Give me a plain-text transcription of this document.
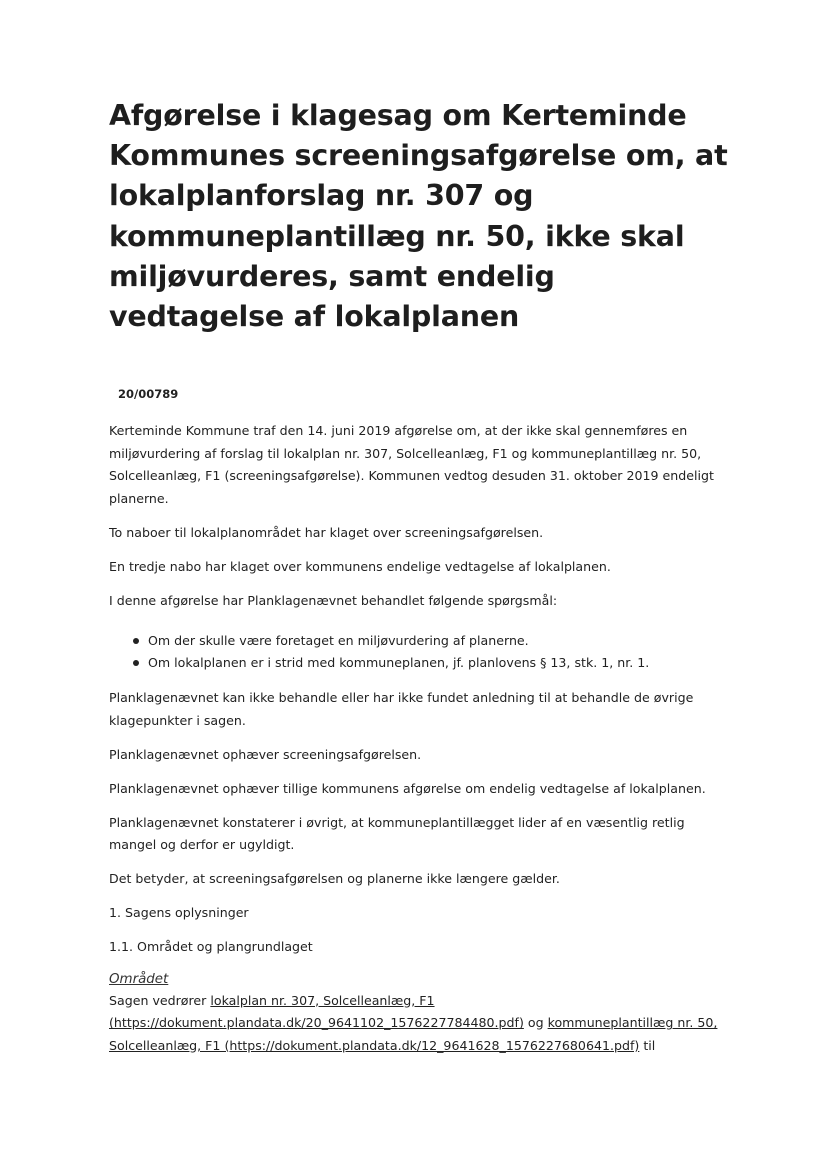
Afgørelse i klagesag om Kerteminde Kommunes screeningsafgørelse om, at lokalplanforslag nr. 307 og kommuneplantillæg nr. 50, ikke skal miljøvurderes, samt endelig vedtagelse af lokalplanen
20/00789

Kerteminde Kommune traf den 14. juni 2019 afgørelse om, at der ikke skal gennemføres en miljøvurdering af forslag til lokalplan nr. 307, Solcelleanlæg, F1 og kommuneplantillæg nr. 50, Solcelleanlæg, F1 (screeningsafgørelse). Kommunen vedtog desuden 31. oktober 2019 endeligt planerne.

To naboer til lokalplanområdet har klaget over screeningsafgørelsen.

En tredje nabo har klaget over kommunens endelige vedtagelse af lokalplanen.

I denne afgørelse har Planklagenævnet behandlet følgende spørgsmål:

Om der skulle være foretaget en miljøvurdering af planerne.
Om lokalplanen er i strid med kommuneplanen, jf. planlovens § 13, stk. 1, nr. 1.

Planklagenævnet kan ikke behandle eller har ikke fundet anledning til at behandle de øvrige klagepunkter i sagen.

Planklagenævnet ophæver screeningsafgørelsen.

Planklagenævnet ophæver tillige kommunens afgørelse om endelig vedtagelse af lokalplanen.

Planklagenævnet konstaterer i øvrigt, at kommuneplantillægget lider af en væsentlig retlig mangel og derfor er ugyldigt.

Det betyder, at screeningsafgørelsen og planerne ikke længere gælder.

1. Sagens oplysninger

1.1. Området og plangrundlaget

Området

Sagen vedrører lokalplan nr. 307, Solcelleanlæg, F1 (https://dokument.plandata.dk/20_9641102_1576227784480.pdf) og kommuneplantillæg nr. 50, Solcelleanlæg, F1 (https://dokument.plandata.dk/12_9641628_1576227680641.pdf) til
